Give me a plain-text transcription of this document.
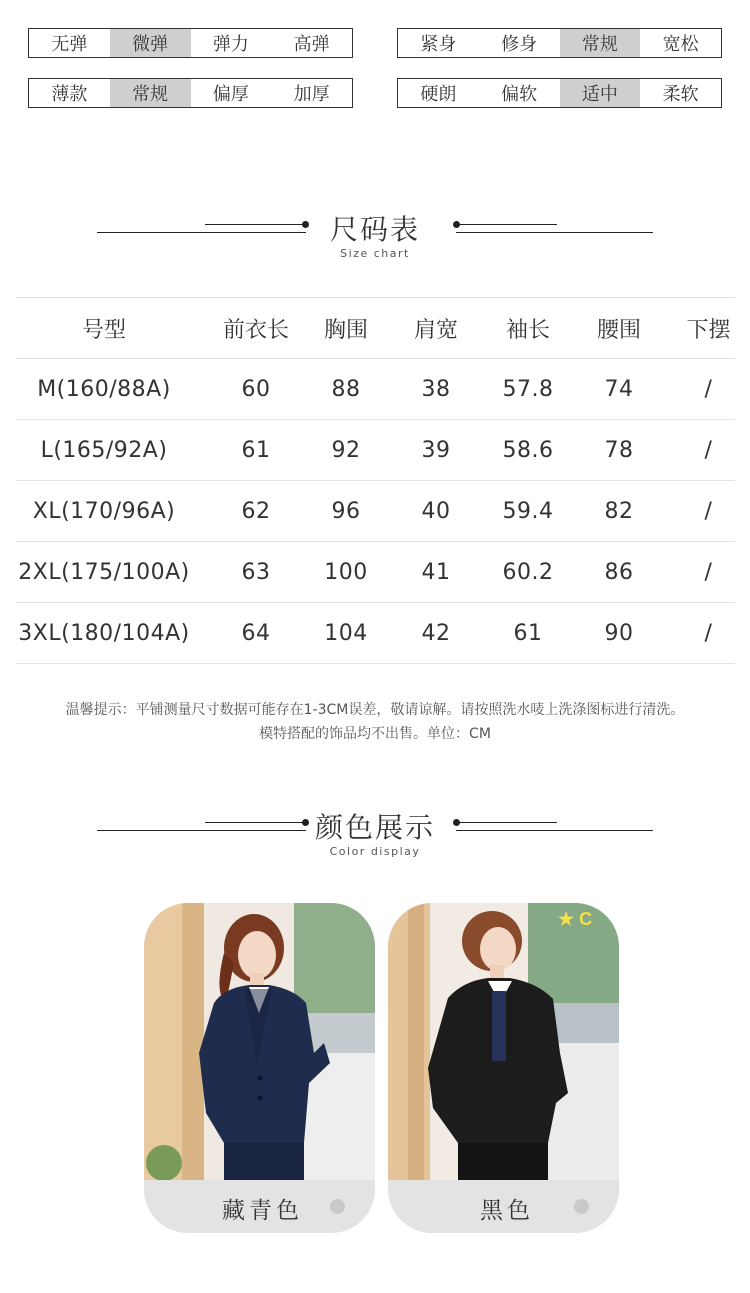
无弹	微弹	弹力	高弹	紧身	修身	常规	宽松
薄款	常规	偏厚	加厚	硬朗	偏软	适中	柔软
尺码表
Size chart
号型	前衣长	胸围	肩宽	袖长	腰围	下摆
M(160/88A)	60	88	38	57.8	74	/
L(165/92A)	61	92	39	58.6	78	/
XL(170/96A)	62	96	40	59.4	82	/
2XL(175/100A)	63	100	41	60.2	86	/
3XL(180/104A)	64	104	42	61	90	/
温馨提示：平铺测量尺寸数据可能存在1-3CM误差，敬请谅解。请按照洗水唛上洗涤图标进行清洗。
模特搭配的饰品均不出售。单位：CM
颜色展示
Color display
藏青色
★ C
黑色
